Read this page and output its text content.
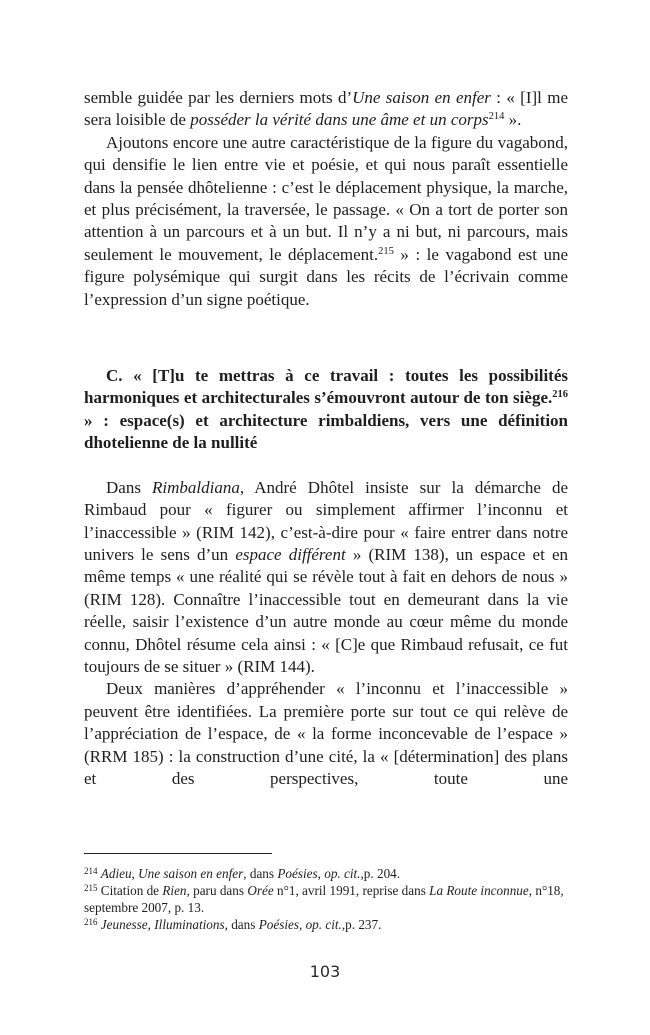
semble guidée par les derniers mots d’Une saison en enfer : « [I]l me sera loisible de posséder la vérité dans une âme et un corps$^{214}$ ».

Ajoutons encore une autre caractéristique de la figure du vagabond, qui densifie le lien entre vie et poésie, et qui nous paraît essentielle dans la pensée dhôtelienne : c’est le déplacement physique, la marche, et plus précisément, la traversée, le passage. « On a tort de porter son attention à un parcours et à un but. Il n’y a ni but, ni parcours, mais seulement le mouvement, le déplacement.$^{215}$ » : le vagabond est une figure polysémique qui surgit dans les récits de l’écrivain comme l’expression d’un signe poétique.

C. « [T]u te mettras à ce travail : toutes les possibilités harmoniques et architecturales s’émouvront autour de ton siège.$^{216}$ » : espace(s) et architecture rimbaldiens, vers une définition dhotelienne de la nullité

Dans Rimbaldiana, André Dhôtel insiste sur la démarche de Rimbaud pour « figurer ou simplement affirmer l’inconnu et l’inaccessible » (RIM 142), c’est-à-dire pour « faire entrer dans notre univers le sens d’un espace différent » (RIM 138), un espace et en même temps « une réalité qui se révèle tout à fait en dehors de nous » (RIM 128). Connaître l’inaccessible tout en demeurant dans la vie réelle, saisir l’existence d’un autre monde au cœur même du monde connu, Dhôtel résume cela ainsi : « [C]e que Rimbaud refusait, ce fut toujours de se situer » (RIM 144).

Deux manières d’appréhender « l’inconnu et l’inaccessible » peuvent être identifiées. La première porte sur tout ce qui relève de l’appréciation de l’espace, de « la forme inconcevable de l’espace » (RRM 185) : la construction d’une cité, la « [détermination] des plans et des perspectives, toute une

$^{214}$ Adieu, Une saison en enfer, dans Poésies, op. cit.,p. 204.

$^{215}$ Citation de Rien, paru dans Orée n°1, avril 1991, reprise dans La Route inconnue, n°18, septembre 2007, p. 13.

$^{216}$ Jeunesse, Illuminations, dans Poésies, op. cit.,p. 237.

103
